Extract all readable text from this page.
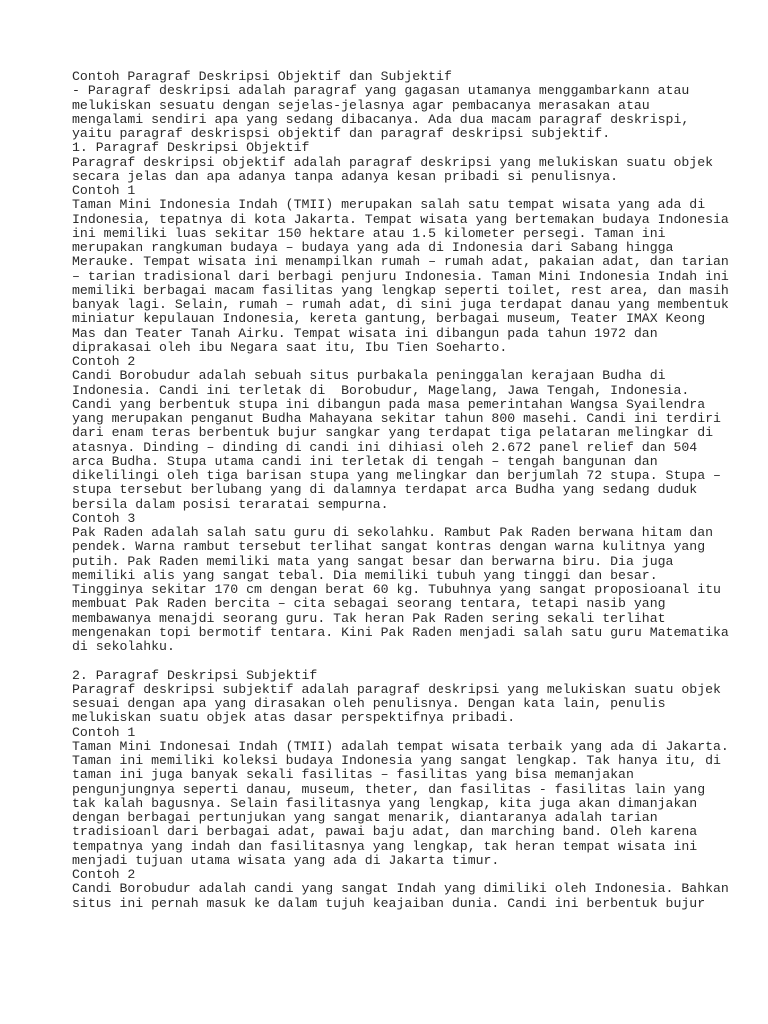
Contoh Paragraf Deskripsi Objektif dan Subjektif
- Paragraf deskripsi adalah paragraf yang gagasan utamanya menggambarkann atau
melukiskan sesuatu dengan sejelas-jelasnya agar pembacanya merasakan atau
mengalami sendiri apa yang sedang dibacanya. Ada dua macam paragraf deskrispi,
yaitu paragraf deskrispsi objektif dan paragraf deskripsi subjektif.
1. Paragraf Deskripsi Objektif
Paragraf deskripsi objektif adalah paragraf deskripsi yang melukiskan suatu objek
secara jelas dan apa adanya tanpa adanya kesan pribadi si penulisnya.
Contoh 1
Taman Mini Indonesia Indah (TMII) merupakan salah satu tempat wisata yang ada di
Indonesia, tepatnya di kota Jakarta. Tempat wisata yang bertemakan budaya Indonesia
ini memiliki luas sekitar 150 hektare atau 1.5 kilometer persegi. Taman ini
merupakan rangkuman budaya – budaya yang ada di Indonesia dari Sabang hingga
Merauke. Tempat wisata ini menampilkan rumah – rumah adat, pakaian adat, dan tarian
– tarian tradisional dari berbagi penjuru Indonesia. Taman Mini Indonesia Indah ini
memiliki berbagai macam fasilitas yang lengkap seperti toilet, rest area, dan masih
banyak lagi. Selain, rumah – rumah adat, di sini juga terdapat danau yang membentuk
miniatur kepulauan Indonesia, kereta gantung, berbagai museum, Teater IMAX Keong
Mas dan Teater Tanah Airku. Tempat wisata ini dibangun pada tahun 1972 dan
diprakasai oleh ibu Negara saat itu, Ibu Tien Soeharto.
Contoh 2
Candi Borobudur adalah sebuah situs purbakala peninggalan kerajaan Budha di
Indonesia. Candi ini terletak di  Borobudur, Magelang, Jawa Tengah, Indonesia.
Candi yang berbentuk stupa ini dibangun pada masa pemerintahan Wangsa Syailendra
yang merupakan penganut Budha Mahayana sekitar tahun 800 masehi. Candi ini terdiri
dari enam teras berbentuk bujur sangkar yang terdapat tiga pelataran melingkar di
atasnya. Dinding – dinding di candi ini dihiasi oleh 2.672 panel relief dan 504
arca Budha. Stupa utama candi ini terletak di tengah – tengah bangunan dan
dikelilingi oleh tiga barisan stupa yang melingkar dan berjumlah 72 stupa. Stupa –
stupa tersebut berlubang yang di dalamnya terdapat arca Budha yang sedang duduk
bersila dalam posisi teraratai sempurna.
Contoh 3
Pak Raden adalah salah satu guru di sekolahku. Rambut Pak Raden berwana hitam dan
pendek. Warna rambut tersebut terlihat sangat kontras dengan warna kulitnya yang
putih. Pak Raden memiliki mata yang sangat besar dan berwarna biru. Dia juga
memiliki alis yang sangat tebal. Dia memiliki tubuh yang tinggi dan besar.
Tingginya sekitar 170 cm dengan berat 60 kg. Tubuhnya yang sangat proposioanal itu
membuat Pak Raden bercita – cita sebagai seorang tentara, tetapi nasib yang
membawanya menajdi seorang guru. Tak heran Pak Raden sering sekali terlihat
mengenakan topi bermotif tentara. Kini Pak Raden menjadi salah satu guru Matematika
di sekolahku.
2. Paragraf Deskripsi Subjektif
Paragraf deskripsi subjektif adalah paragraf deskripsi yang melukiskan suatu objek
sesuai dengan apa yang dirasakan oleh penulisnya. Dengan kata lain, penulis
melukiskan suatu objek atas dasar perspektifnya pribadi.
Contoh 1
Taman Mini Indonesai Indah (TMII) adalah tempat wisata terbaik yang ada di Jakarta.
Taman ini memiliki koleksi budaya Indonesia yang sangat lengkap. Tak hanya itu, di
taman ini juga banyak sekali fasilitas – fasilitas yang bisa memanjakan
pengunjungnya seperti danau, museum, theter, dan fasilitas - fasilitas lain yang
tak kalah bagusnya. Selain fasilitasnya yang lengkap, kita juga akan dimanjakan
dengan berbagai pertunjukan yang sangat menarik, diantaranya adalah tarian
tradisioanl dari berbagai adat, pawai baju adat, dan marching band. Oleh karena
tempatnya yang indah dan fasilitasnya yang lengkap, tak heran tempat wisata ini
menjadi tujuan utama wisata yang ada di Jakarta timur.
Contoh 2
Candi Borobudur adalah candi yang sangat Indah yang dimiliki oleh Indonesia. Bahkan
situs ini pernah masuk ke dalam tujuh keajaiban dunia. Candi ini berbentuk bujur
